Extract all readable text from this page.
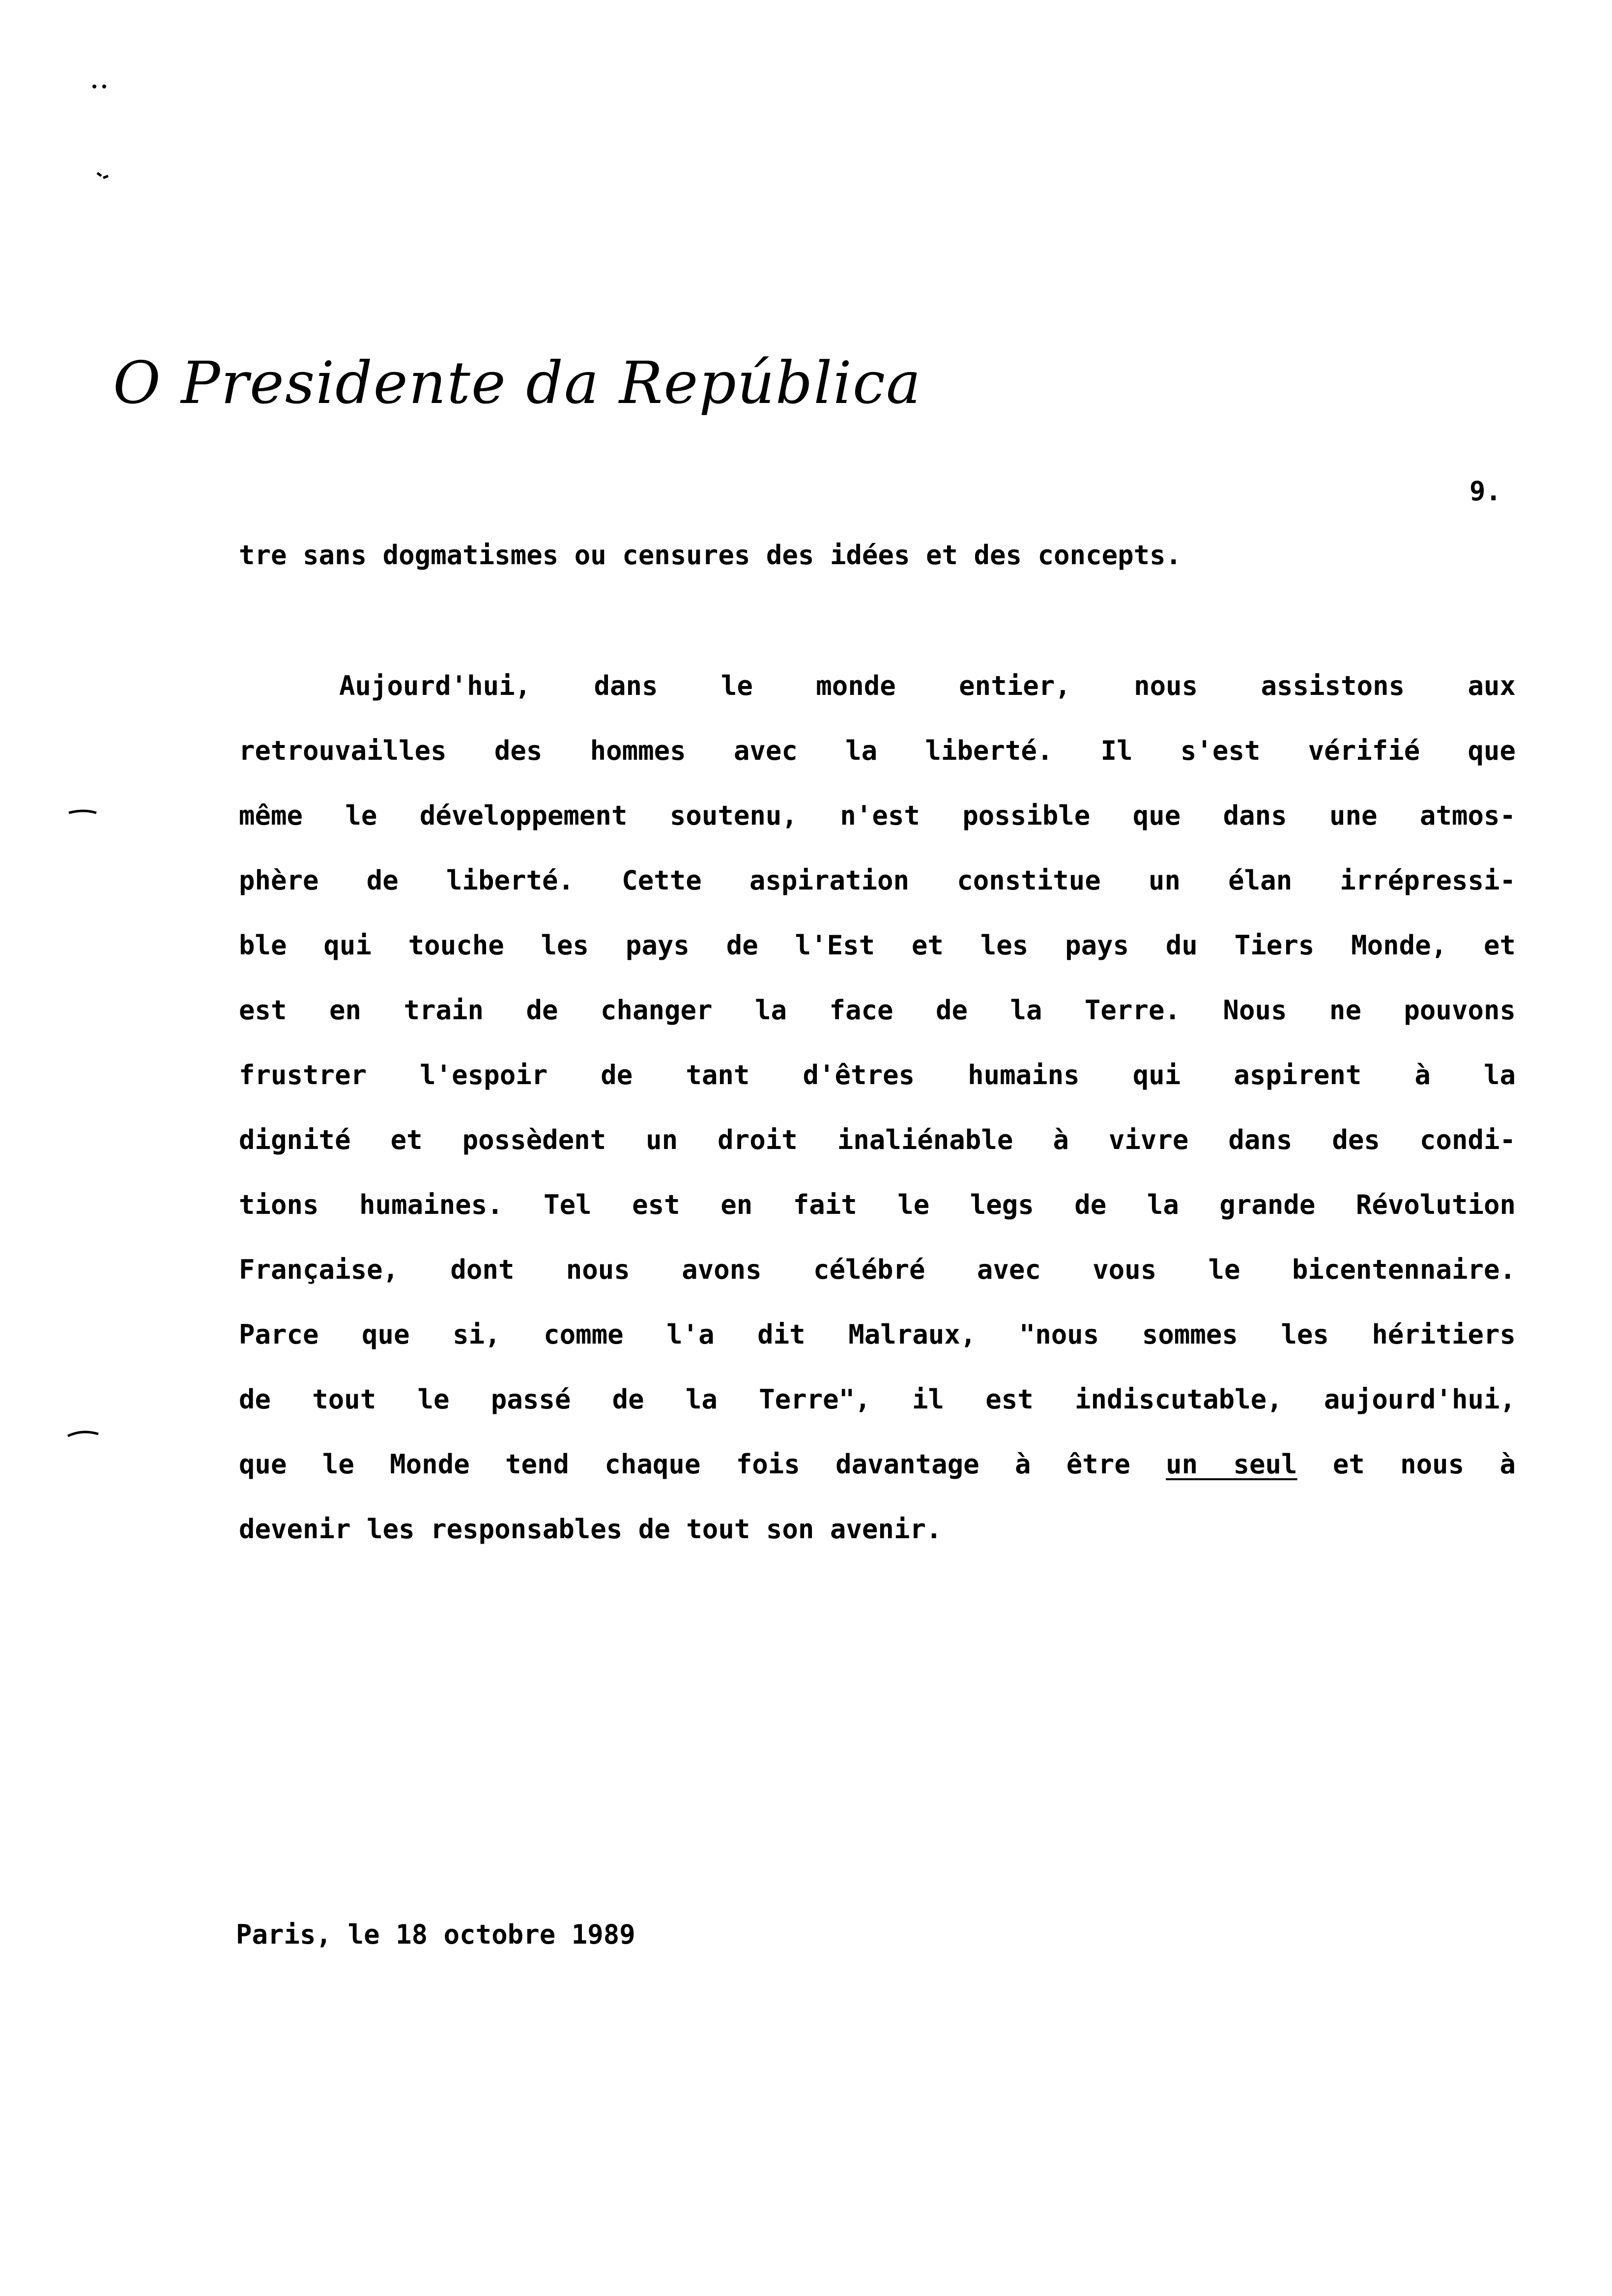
O Presidente da República
9.
tre sans dogmatismes ou censures des idées et des concepts.
Aujourd'hui, dans le monde entier, nous assistons aux
retrouvailles des hommes avec la liberté. Il s'est vérifié que
même le développement soutenu, n'est possible que dans une atmos-
phère de liberté. Cette aspiration constitue un élan irrépressi-
ble qui touche les pays de l'Est et les pays du Tiers Monde, et
est en train de changer la face de la Terre. Nous ne pouvons
frustrer l'espoir de tant d'êtres humains qui aspirent à la
dignité et possèdent un droit inaliénable à vivre dans des condi-
tions humaines. Tel est en fait le legs de la grande Révolution
Française, dont nous avons célébré avec vous le bicentennaire.
Parce que si, comme l'a dit Malraux, "nous sommes les héritiers
de tout le passé de la Terre", il est indiscutable, aujourd'hui,
que le Monde tend chaque fois davantage à être un seul et nous à
devenir les responsables de tout son avenir.
Paris, le 18 octobre 1989
